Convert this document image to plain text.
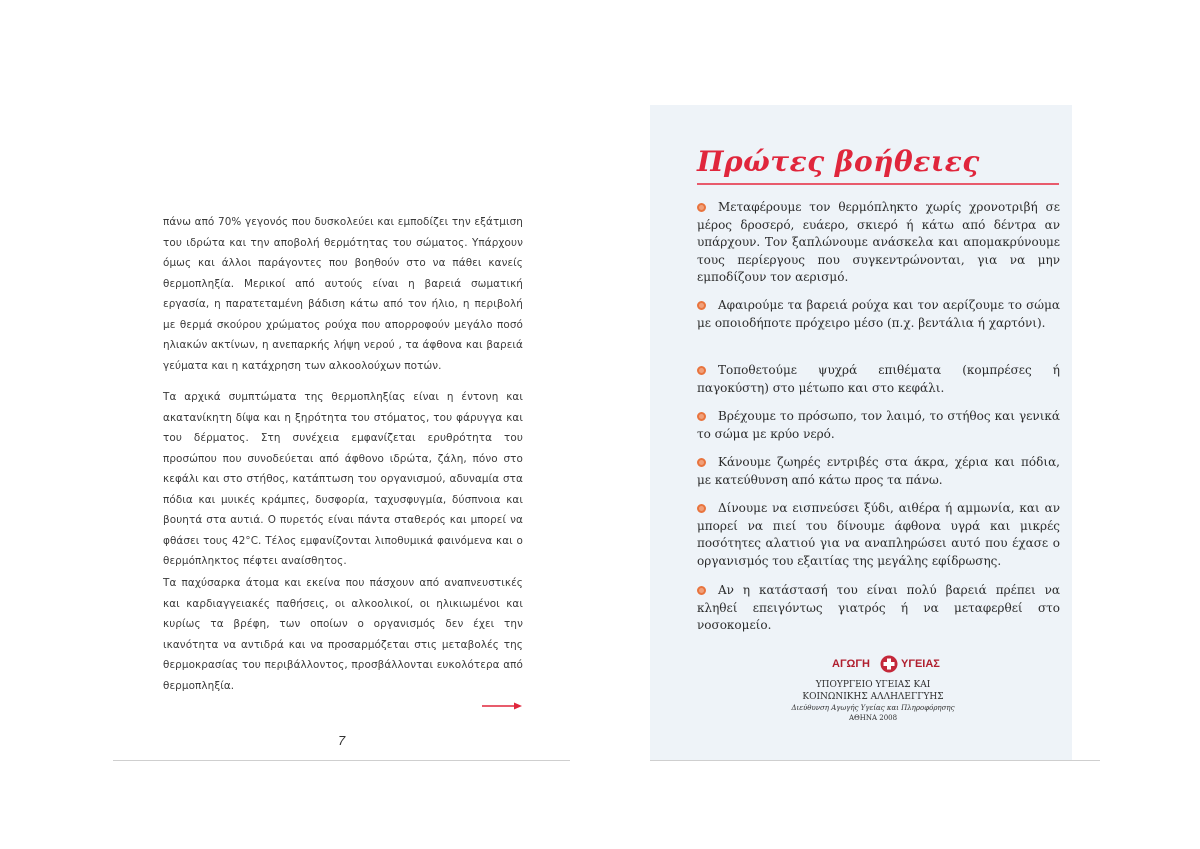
πάνω από 70% γεγονός που δυσκολεύει και εμποδίζει την εξάτμιση του ιδρώτα και την αποβολή θερμότητας του σώματος. Υπάρχουν όμως και άλλοι παράγοντες που βοηθούν στο να πάθει κανείς θερμοπληξία. Μερικοί από αυτούς είναι η βαρειά σωματική εργασία, η παρατεταμένη βάδιση κάτω από τον ήλιο, η περιβολή με θερμά σκούρου χρώματος ρούχα που απορροφούν μεγάλο ποσό ηλιακών ακτίνων, η ανεπαρκής λήψη νερού , τα άφθονα και βαρειά γεύματα και η κατάχρηση των αλκοολούχων ποτών.

Τα αρχικά συμπτώματα της θερμοπληξίας είναι η έντονη και ακατανίκητη δίψα και η ξηρότητα του στόματος, του φάρυγγα και του δέρματος. Στη συνέχεια εμφανίζεται ερυθρότητα του προσώπου που συνοδεύεται από άφθονο ιδρώτα, ζάλη, πόνο στο κεφάλι και στο στήθος, κατάπτωση του οργανισμού, αδυναμία στα πόδια και μυικές κράμπες, δυσφορία, ταχυσφυγμία, δύσπνοια και βουητά στα αυτιά. Ο πυρετός είναι πάντα σταθερός και μπορεί να φθάσει τους 42°C. Τέλος εμφανίζονται λιποθυμικά φαινόμενα και ο θερμόπληκτος πέφτει αναίσθητος.

Τα παχύσαρκα άτομα και εκείνα που πάσχουν από αναπνευστικές και καρδιαγγειακές παθήσεις, οι αλκοολικοί, οι ηλικιωμένοι και κυρίως τα βρέφη, των οποίων ο οργανισμός δεν έχει την ικανότητα να αντιδρά και να προσαρμόζεται στις μεταβολές της θερμοκρασίας του περιβάλλοντος, προσβάλλονται ευκολότερα από θερμοπληξία.

7
Πρώτες βοήθειες

Μεταφέρουμε τον θερμόπληκτο χωρίς χρονοτριβή σε μέρος δροσερό, ευάερο, σκιερό ή κάτω από δέντρα αν υπάρχουν. Τον ξαπλώνουμε ανάσκελα και απομακρύνουμε τους περίεργους που συγκεντρώνονται, για να μην εμποδίζουν τον αερισμό.

Αφαιρούμε τα βαρειά ρούχα και τον αερίζουμε το σώμα με οποιοδήποτε πρόχειρο μέσο (π.χ. βεντάλια ή χαρτόνι).

Τοποθετούμε ψυχρά επιθέματα (κομπρέσες ή παγοκύστη) στο μέτωπο και στο κεφάλι.

Βρέχουμε το πρόσωπο, τον λαιμό, το στήθος και γενικά το σώμα με κρύο νερό.

Κάνουμε ζωηρές εντριβές στα άκρα, χέρια και πόδια, με κατεύθυνση από κάτω προς τα πάνω.

Δίνουμε να εισπνεύσει ξύδι, αιθέρα ή αμμωνία, και αν μπορεί να πιεί του δίνουμε άφθονα υγρά και μικρές ποσότητες αλατιού για να αναπληρώσει αυτό που έχασε ο οργανισμός του εξαιτίας της μεγάλης εφίδρωσης.

Αν η κατάστασή του είναι πολύ βαρειά πρέπει να κληθεί επειγόντως γιατρός ή να μεταφερθεί στο νοσοκομείο.

ΑΓΩΓΗ	ΥΓΕΙΑΣ

ΥΠΟΥΡΓΕΙΟ ΥΓΕΙΑΣ ΚΑΙ

ΚΟΙΝΩΝΙΚΗΣ ΑΛΛΗΛΕΓΓΥΗΣ

Διεύθυνση Αγωγής Υγείας και Πληροφόρησης

ΑΘΗΝΑ 2008
